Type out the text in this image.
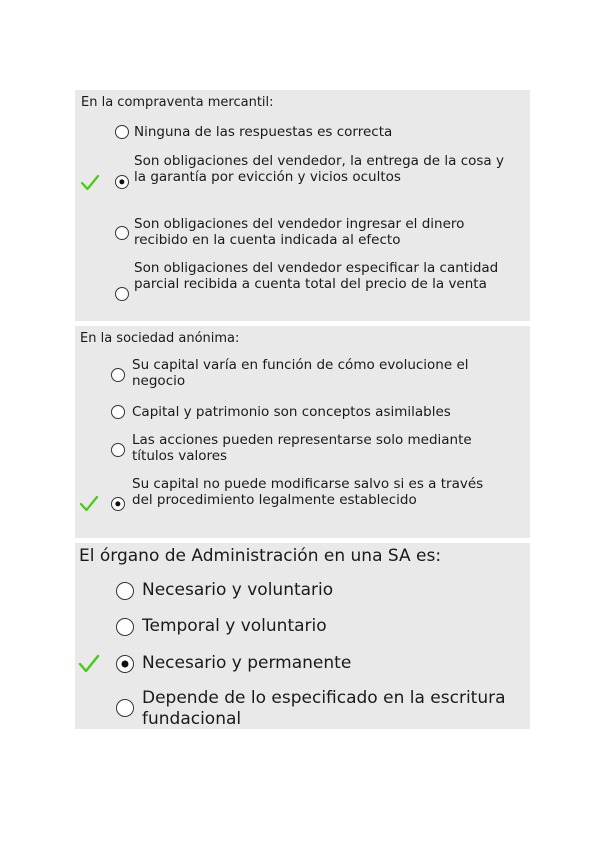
En la compraventa mercantil:
Ninguna de las respuestas es correcta
Son obligaciones del vendedor, la entrega de la cosa y la garantía por evicción y vicios ocultos
Son obligaciones del vendedor ingresar el dinero recibido en la cuenta indicada al efecto
Son obligaciones del vendedor especificar la cantidad parcial recibida a cuenta total del precio de la venta
En la sociedad anónima:
Su capital varía en función de cómo evolucione el negocio
Capital y patrimonio son conceptos asimilables
Las acciones pueden representarse solo mediante títulos valores
Su capital no puede modificarse salvo si es a través del procedimiento legalmente establecido
El órgano de Administración en una SA es:
Necesario y voluntario
Temporal y voluntario
Necesario y permanente
Depende de lo especificado en la escritura fundacional
